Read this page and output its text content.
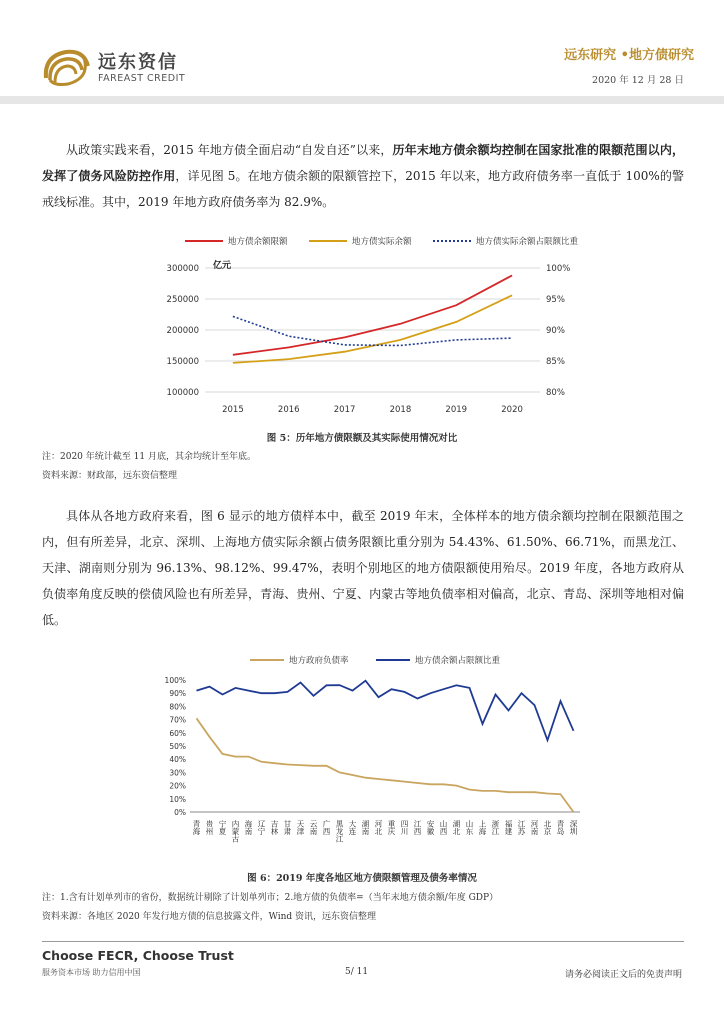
远东资信
FAREAST CREDIT
远东研究 •地方债研究
2020 年 12 月 28 日

从政策实践来看，2015 年地方债全面启动“自发自还”以来，历年末地方债余额均控制在国家批准的限额范围以内，发挥了债务风险防控作用，详见图 5。在地方债余额的限额管控下，2015 年以来，地方政府债务率一直低于 100%的警戒线标准。其中，2019 年地方政府债务率为 82.9%。

100000
150000
200000
250000
300000
80%
85%
90%
95%
100%
2015	2016	2017	2018	2019	2020
亿元
地方债余额限额	地方债实际余额	地方债实际余额占限额比重
图 5：历年地方债限额及其实际使用情况对比
注：2020 年统计截至 11 月底，其余均统计至年底。
资料来源：财政部，远东资信整理

具体从各地方政府来看，图 6 显示的地方债样本中，截至 2019 年末，全体样本的地方债余额均控制在限额范围之内，但有所差异，北京、深圳、上海地方债实际余额占债务限额比重分别为 54.43%、61.50%、66.71%，而黑龙江、天津、湖南则分别为 96.13%、98.12%、99.47%，表明个别地区的地方债限额使用殆尽。2019 年度，各地方政府从负债率角度反映的偿债风险也有所差异，青海、贵州、宁夏、内蒙古等地负债率相对偏高，北京、青岛、深圳等地相对偏低。

0%
10%
20%
30%
40%
50%
60%
70%
80%
90%
100%
青海 贵州 宁夏 内蒙古 海南 辽宁 吉林 甘肃 天津 云南 广西 黑龙江 大连 湖南 河北 重庆 四川 江西 安徽 山西 湖北 山东 上海 浙江 福建 江苏 河南 北京 青岛 深圳
地方政府负债率	地方债余额占限额比重
图 6：2019 年度各地区地方债限额管理及债务率情况
注：1.含有计划单列市的省份，数据统计剔除了计划单列市；2.地方债的负债率=（当年末地方债余额/年度 GDP）
资料来源：各地区 2020 年发行地方债的信息披露文件，Wind 资讯，远东资信整理
Choose FECR, Choose Trust
服务资本市场 助力信用中国	5/ 11	请务必阅读正文后的免责声明
